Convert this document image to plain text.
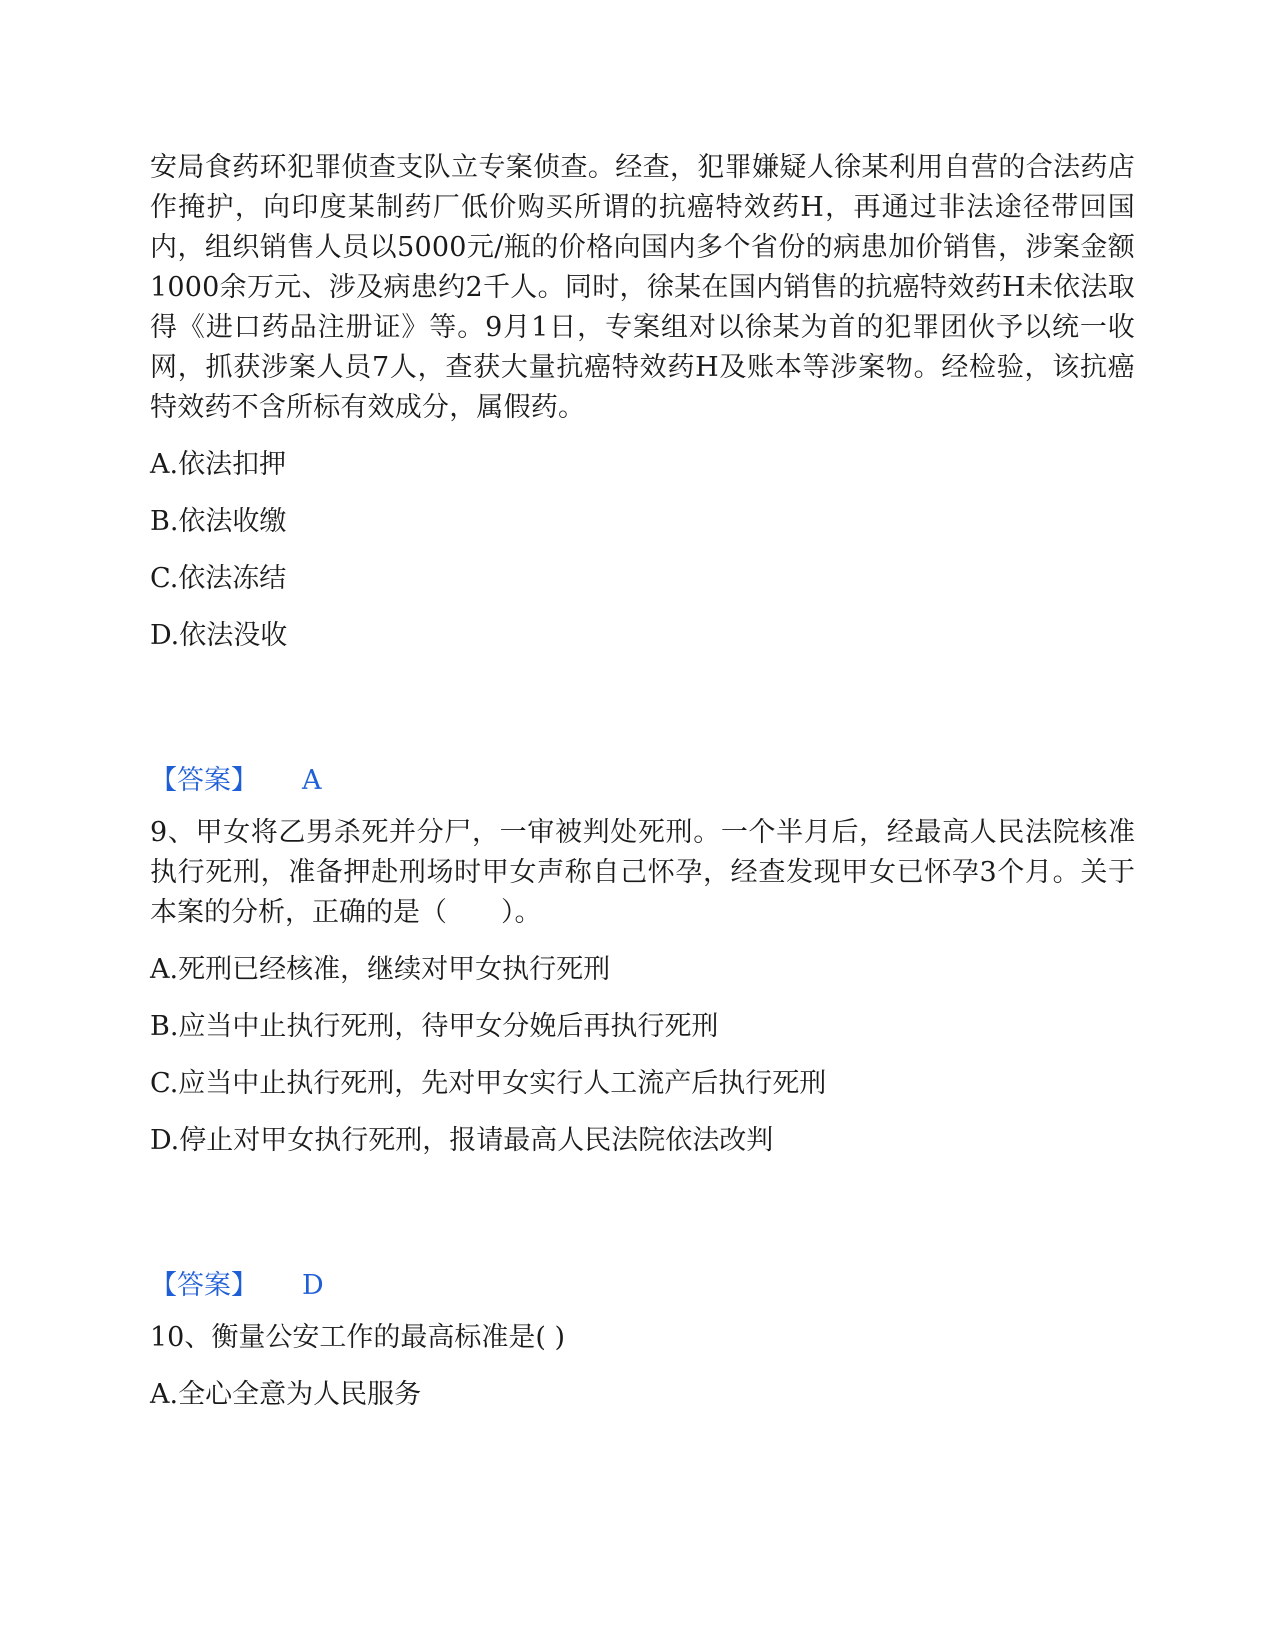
安局食药环犯罪侦查支队立专案侦查。经查，犯罪嫌疑人徐某利用自营的合法药店作掩护，向印度某制药厂低价购买所谓的抗癌特效药H，再通过非法途径带回国内，组织销售人员以5000元/瓶的价格向国内多个省份的病患加价销售，涉案金额1000余万元、涉及病患约2千人。同时，徐某在国内销售的抗癌特效药H未依法取得《进口药品注册证》等。9月1日，专案组对以徐某为首的犯罪团伙予以统一收网，抓获涉案人员7人，查获大量抗癌特效药H及账本等涉案物。经检验，该抗癌特效药不含所标有效成分，属假药。

A.依法扣押

B.依法收缴

C.依法冻结

D.依法没收

【答案】 A

9、甲女将乙男杀死并分尸，一审被判处死刑。一个半月后，经最高人民法院核准执行死刑，准备押赴刑场时甲女声称自己怀孕，经查发现甲女已怀孕3个月。关于本案的分析，正确的是（　　）。

A.死刑已经核准，继续对甲女执行死刑

B.应当中止执行死刑，待甲女分娩后再执行死刑

C.应当中止执行死刑，先对甲女实行人工流产后执行死刑

D.停止对甲女执行死刑，报请最高人民法院依法改判

【答案】 D

10、衡量公安工作的最高标准是( )

A.全心全意为人民服务
